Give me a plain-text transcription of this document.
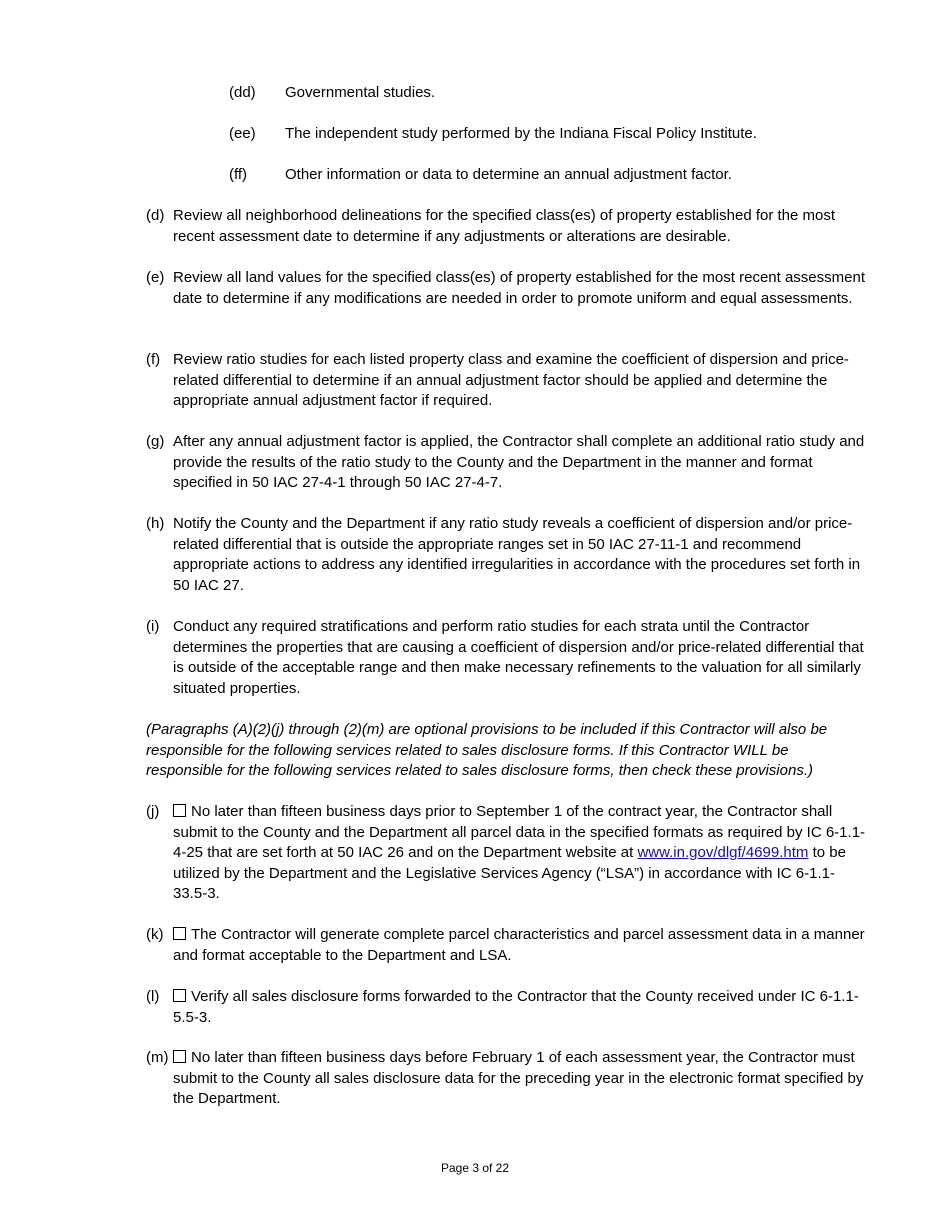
(dd) Governmental studies.
(ee) The independent study performed by the Indiana Fiscal Policy Institute.
(ff)	Other information or data to determine an annual adjustment factor.
(d) Review all neighborhood delineations for the specified class(es) of property established for the most recent assessment date to determine if any adjustments or alterations are desirable.
(e) Review all land values for the specified class(es) of property established for the most recent assessment date to determine if any modifications are needed in order to promote uniform and equal assessments.
(f) Review ratio studies for each listed property class and examine the coefficient of dispersion and price-related differential to determine if an annual adjustment factor should be applied and determine the appropriate annual adjustment factor if required.
(g) After any annual adjustment factor is applied, the Contractor shall complete an additional ratio study and provide the results of the ratio study to the County and the Department in the manner and format specified in 50 IAC 27-4-1 through 50 IAC 27-4-7.
(h) Notify the County and the Department if any ratio study reveals a coefficient of dispersion and/or price-related differential that is outside the appropriate ranges set in 50 IAC 27-11-1 and recommend appropriate actions to address any identified irregularities in accordance with the procedures set forth in 50 IAC 27.
(i) Conduct any required stratifications and perform ratio studies for each strata until the Contractor determines the properties that are causing a coefficient of dispersion and/or price-related differential that is outside of the acceptable range and then make necessary refinements to the valuation for all similarly situated properties.
(Paragraphs (A)(2)(j) through (2)(m) are optional provisions to be included if this Contractor will also be responsible for the following services related to sales disclosure forms. If this Contractor WILL be responsible for the following services related to sales disclosure forms, then check these provisions.)
(j)	No later than fifteen business days prior to September 1 of the contract year, the Contractor shall submit to the County and the Department all parcel data in the specified formats as required by IC 6-1.1-4-25 that are set forth at 50 IAC 26 and on the Department website at www.in.gov/dlgf/4699.htm to be utilized by the Department and the Legislative Services Agency (“LSA”) in accordance with IC 6-1.1-33.5-3.
(k)	The Contractor will generate complete parcel characteristics and parcel assessment data in a manner and format acceptable to the Department and LSA.
(l)	Verify all sales disclosure forms forwarded to the Contractor that the County received under IC 6-1.1-5.5-3.
(m)	No later than fifteen business days before February 1 of each assessment year, the Contractor must submit to the County all sales disclosure data for the preceding year in the electronic format specified by the Department.
Page 3 of 22
